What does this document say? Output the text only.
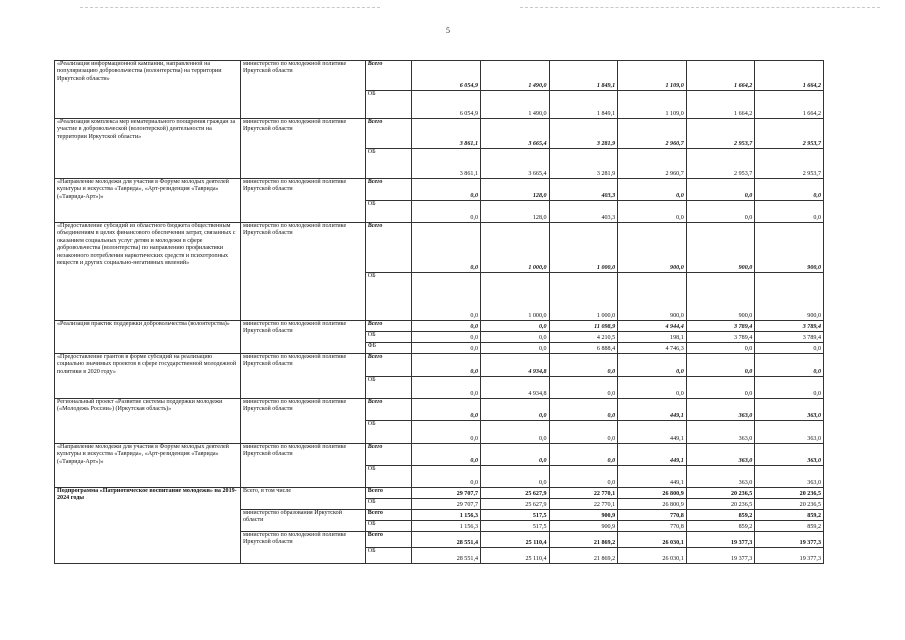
5
«Реализация информационной кампании, направленной на популяризацию добровольчества (волонтерства) на территории Иркутской области»	министерство по молодежной политике Иркутской области	Всего	6 054,9	1 490,0	1 849,1	1 109,0	1 664,2	1 664,2
		ОБ	6 054,9	1 490,0	1 849,1	1 109,0	1 664,2	1 664,2
«Реализация комплекса мер нематериального поощрения граждан за участие в добровольческой (волонтерской) деятельности на территории Иркутской области»	министерство по молодежной политике Иркутской области	Всего	3 861,1	3 665,4	3 281,9	2 960,7	2 953,7	2 953,7
		ОБ	3 861,1	3 665,4	3 281,9	2 960,7	2 953,7	2 953,7
«Направление молодежи для участия в Форуме молодых деятелей культуры и искусства «Таврида», «Арт-резиденция «Таврида» («Таврида-Арт»)»	министерство по молодежной политике Иркутской области	Всего	0,0	128,0	403,3	0,0	0,0	0,0
		ОБ	0,0	128,0	403,3	0,0	0,0	0,0
«Предоставление субсидий из областного бюджета общественным объединениям в целях финансового обеспечения затрат, связанных с оказанием социальных услуг детям и молодежи в сфере добровольчества (волонтерства) по направлению профилактики незаконного потребления наркотических средств и психотропных веществ и других социально-негативных явлений»	министерство по молодежной политике Иркутской области	Всего	0,0	1 000,0	1 000,0	900,0	900,0	900,0
		ОБ	0,0	1 000,0	1 000,0	900,0	900,0	900,0
«Реализация практик поддержки добровольчества (волонтерства)»	министерство по молодежной политике Иркутской области	Всего	0,0	0,0	11 098,9	4 944,4	3 789,4	3 789,4
		ОБ	0,0	0,0	4 210,5	198,1	3 789,4	3 789,4
		ФБ	0,0	0,0	6 888,4	4 746,3	0,0	0,0
«Предоставление грантов в форме субсидий на реализацию социально значимых проектов в сфере государственной молодежной политики в 2020 году»	министерство по молодежной политике Иркутской области	Всего	0,0	4 934,8	0,0	0,0	0,0	0,0
		ОБ	0,0	4 934,8	0,0	0,0	0,0	0,0
Региональный проект «Развитие системы поддержки молодежи («Молодежь России») (Иркутская область)»	министерство по молодежной политике Иркутской области	Всего	0,0	0,0	0,0	449,1	363,0	363,0
		ОБ	0,0	0,0	0,0	449,1	363,0	363,0
«Направление молодежи для участия в Форуме молодых деятелей культуры и искусства «Таврида», «Арт-резиденция «Таврида» («Таврида-Арт»)»	министерство по молодежной политике Иркутской области	Всего	0,0	0,0	0,0	449,1	363,0	363,0
		ОБ	0,0	0,0	0,0	449,1	363,0	363,0
Подпрограмма «Патриотическое воспитание молодежи» на 2019-2024 годы	Всего, в том числе	Всего	29 707,7	25 627,9	22 770,1	26 800,9	20 236,5	20 236,5
		ОБ	29 707,7	25 627,9	22 770,1	26 800,9	20 236,5	20 236,5
	министерство образования Иркутской области	Всего	1 156,3	517,5	900,9	770,8	859,2	859,2
		ОБ	1 156,3	517,5	900,9	770,8	859,2	859,2
	министерство по молодежной политике Иркутской области	Всего	28 551,4	25 110,4	21 869,2	26 030,1	19 377,3	19 377,3
		ОБ	28 551,4	25 110,4	21 869,2	26 030,1	19 377,3	19 377,3
